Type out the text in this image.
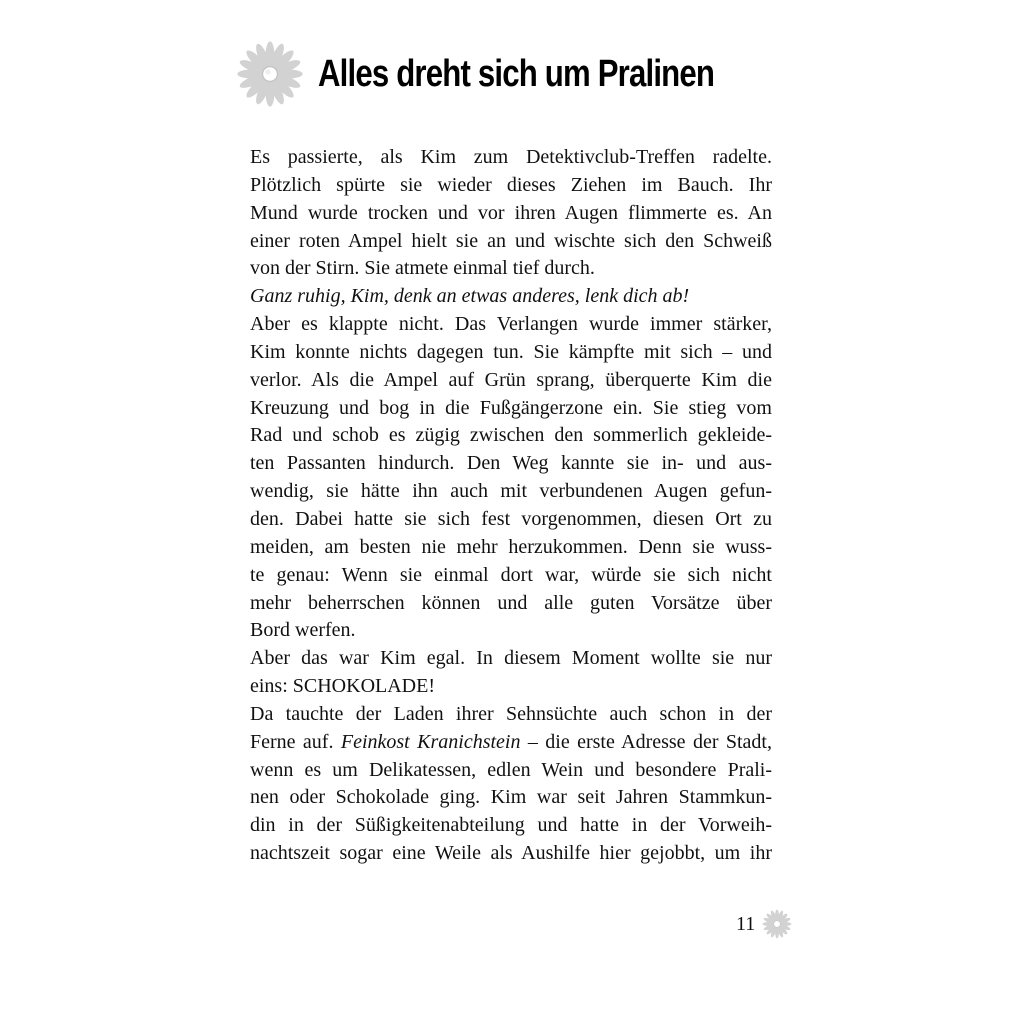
Alles dreht sich um Pralinen
Es passierte, als Kim zum Detektivclub-Treffen radelte.
Plötzlich spürte sie wieder dieses Ziehen im Bauch. Ihr
Mund wurde trocken und vor ihren Augen flimmerte es. An
einer roten Ampel hielt sie an und wischte sich den Schweiß
von der Stirn. Sie atmete einmal tief durch.
Ganz ruhig, Kim, denk an etwas anderes, lenk dich ab!
Aber es klappte nicht. Das Verlangen wurde immer stärker,
Kim konnte nichts dagegen tun. Sie kämpfte mit sich – und
verlor. Als die Ampel auf Grün sprang, überquerte Kim die
Kreuzung und bog in die Fußgängerzone ein. Sie stieg vom
Rad und schob es zügig zwischen den sommerlich gekleide-
ten Passanten hindurch. Den Weg kannte sie in- und aus-
wendig, sie hätte ihn auch mit verbundenen Augen gefun-
den. Dabei hatte sie sich fest vorgenommen, diesen Ort zu
meiden, am besten nie mehr herzukommen. Denn sie wuss-
te genau: Wenn sie einmal dort war, würde sie sich nicht
mehr beherrschen können und alle guten Vorsätze über
Bord werfen.
Aber das war Kim egal. In diesem Moment wollte sie nur
eins: SCHOKOLADE!
Da tauchte der Laden ihrer Sehnsüchte auch schon in der
Ferne auf. Feinkost Kranichstein – die erste Adresse der Stadt,
wenn es um Delikatessen, edlen Wein und besondere Prali-
nen oder Schokolade ging. Kim war seit Jahren Stammkun-
din in der Süßigkeitenabteilung und hatte in der Vorweih-
nachtszeit sogar eine Weile als Aushilfe hier gejobbt, um ihr
11
